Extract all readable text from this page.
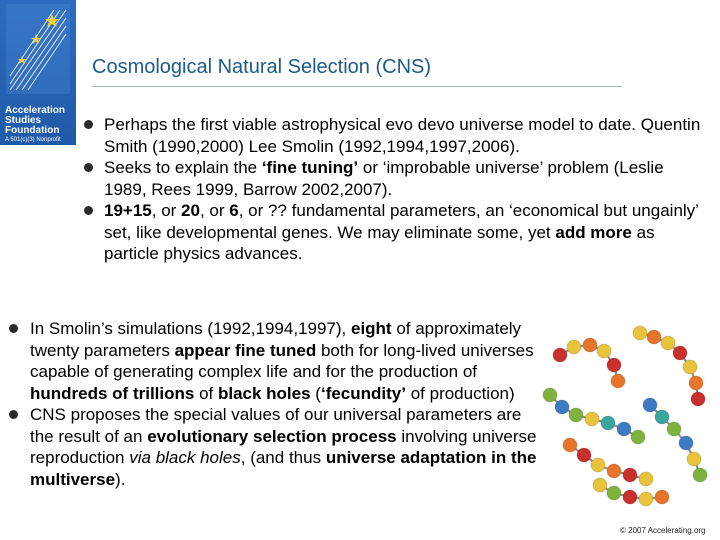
Acceleration
Studies
Foundation
A 501(c)(3) Nonprofit
Cosmological Natural Selection (CNS)
Perhaps the first viable astrophysical evo devo universe model to date. Quentin Smith (1990,2000) Lee Smolin (1992,1994,1997,2006).
Seeks to explain the ‘fine tuning’ or ‘improbable universe’ problem (Leslie 1989, Rees 1999, Barrow 2002,2007).
19+15, or 20, or 6, or ?? fundamental parameters, an ‘economical but ungainly’ set, like developmental genes. We may eliminate some, yet add more as particle physics advances.
In Smolin’s simulations (1992,1994,1997), eight of approximately twenty parameters appear fine tuned both for long-lived universes capable of generating complex life and for the production of hundreds of trillions of black holes (‘fecundity’ of production)
CNS proposes the special values of our universal parameters are the result of an evolutionary selection process involving universe reproduction via black holes, (and thus universe adaptation in the multiverse).
© 2007 Accelerating.org
